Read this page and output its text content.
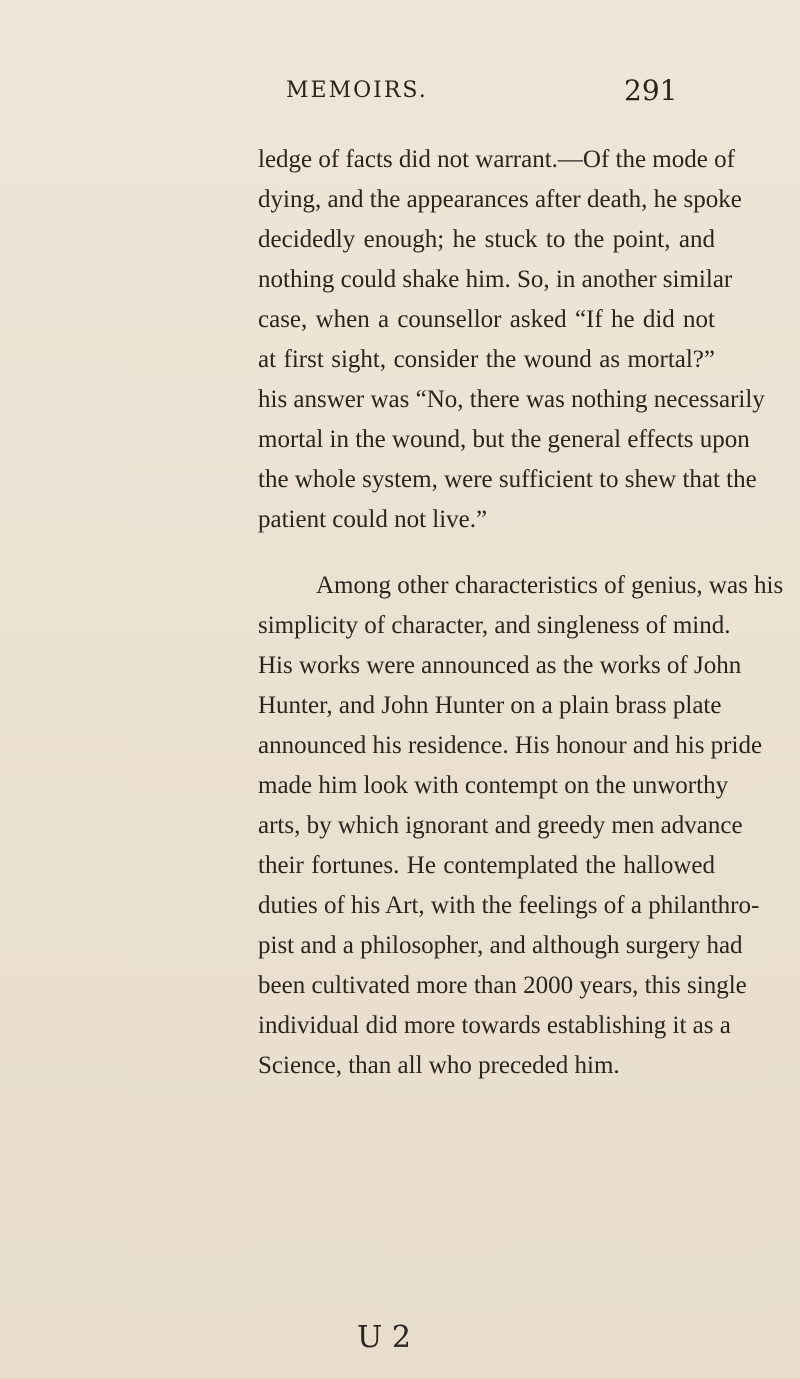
MEMOIRS.	291
ledge of facts did not warrant.—Of the mode of
dying, and the appearances after death, he spoke
decidedly enough; he stuck to the point, and
nothing could shake him. So, in another similar
case, when a counsellor asked “If he did not
at first sight, consider the wound as mortal?”
his answer was “No, there was nothing necessarily
mortal in the wound, but the general effects upon
the whole system, were sufficient to shew that the
patient could not live.”
Among other characteristics of genius, was his
simplicity of character, and singleness of mind.
His works were announced as the works of John
Hunter, and John Hunter on a plain brass plate
announced his residence. His honour and his pride
made him look with contempt on the unworthy
arts, by which ignorant and greedy men advance
their fortunes. He contemplated the hallowed
duties of his Art, with the feelings of a philanthro-
pist and a philosopher, and although surgery had
been cultivated more than 2000 years, this single
individual did more towards establishing it as a
Science, than all who preceded him.
U 2
